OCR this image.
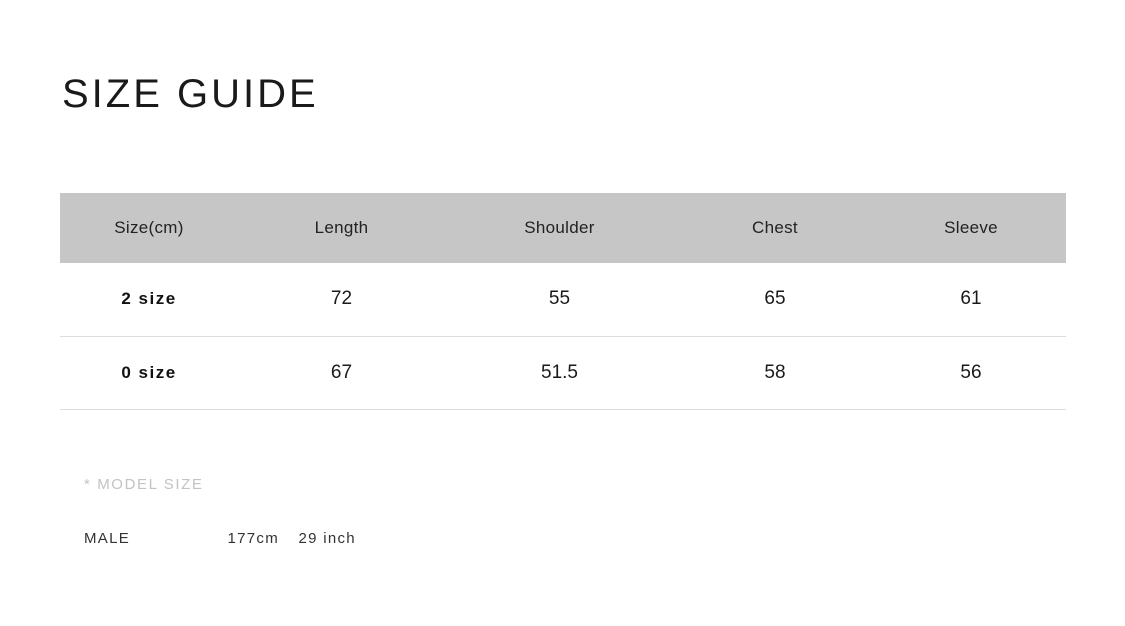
SIZE GUIDE
Size(cm)	Length	Shoulder	Chest	Sleeve
2 size	72	55	65	61
0 size	67	51.5	58	56
* MODEL SIZE
MALE	177cm 29 inch
